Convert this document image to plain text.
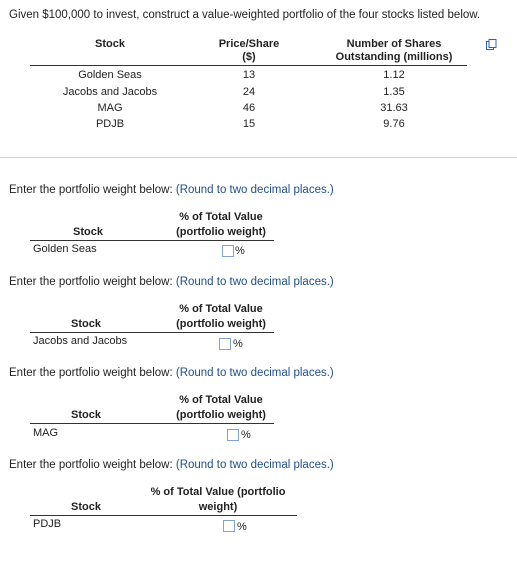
Given $100,000 to invest, construct a value-weighted portfolio of the four stocks listed below.
Stock	Price/Share
($)
Number of Shares
Outstanding (millions)
Golden Seas	13	1.12
Jacobs and Jacobs	24	1.35
MAG	46	31.63
PDJB	15	9.76
Enter the portfolio weight below: (Round to two decimal places.)
% of Total Value
(portfolio weight)
Stock
Golden Seas	%
Enter the portfolio weight below: (Round to two decimal places.)
% of Total Value
(portfolio weight)
Stock
Jacobs and Jacobs	%
Enter the portfolio weight below: (Round to two decimal places.)
% of Total Value
(portfolio weight)
Stock
MAG	%
Enter the portfolio weight below: (Round to two decimal places.)
% of Total Value (portfolio
weight)
Stock
PDJB	%
